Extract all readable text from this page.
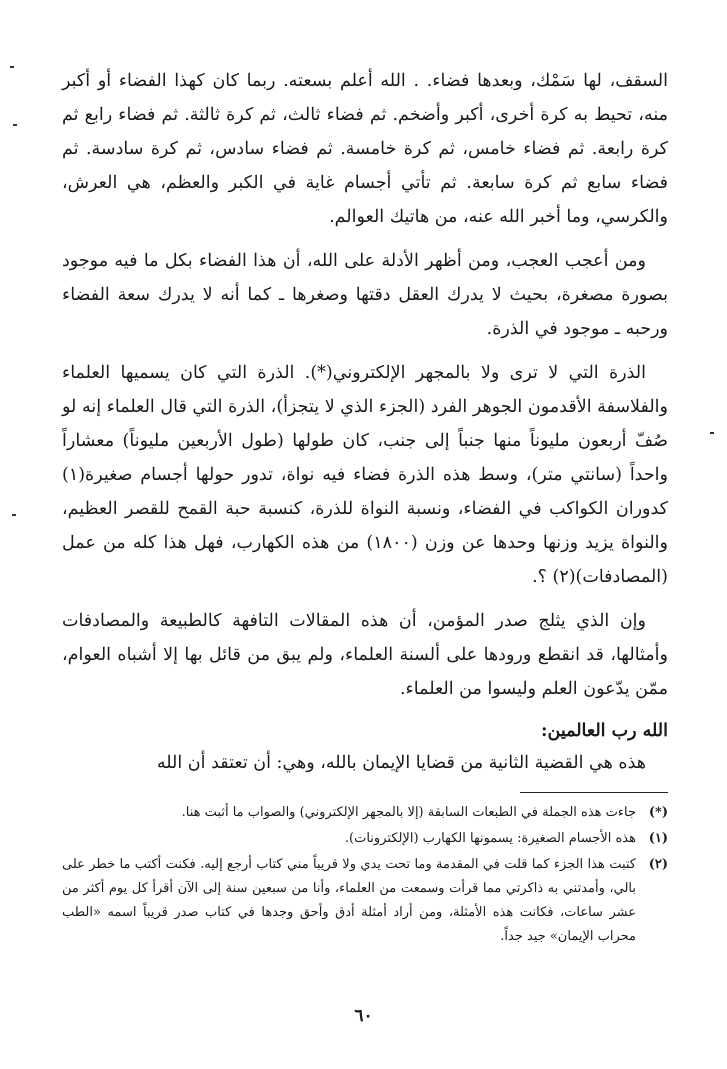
السقف، لها سَمْك، وبعدها فضاء. . الله أعلم بسعته. ربما كان كهذا الفضاء أو أكبر منه، تحيط به كرة أخرى، أكبر وأضخم. ثم فضاء ثالث، ثم كرة ثالثة. ثم فضاء رابع ثم كرة رابعة. ثم فضاء خامس، ثم كرة خامسة. ثم فضاء سادس، ثم كرة سادسة. ثم فضاء سابع ثم كرة سابعة. ثم تأتي أجسام غاية في الكبر والعظم، هي العرش، والكرسي، وما أخبر الله عنه، من هاتيك العوالم.

ومن أعجب العجب، ومن أظهر الأدلة على الله، أن هذا الفضاء بكل ما فيه موجود بصورة مصغرة، بحيث لا يدرك العقل دقتها وصغرها ـ كما أنه لا يدرك سعة الفضاء ورحبه ـ موجود في الذرة.

الذرة التي لا ترى ولا بالمجهر الإلكتروني(*). الذرة التي كان يسميها العلماء والفلاسفة الأقدمون الجوهر الفرد (الجزء الذي لا يتجزأ)، الذرة التي قال العلماء إنه لو صُفّ أربعون مليوناً منها جنباً إلى جنب، كان طولها (طول الأربعين مليوناً) معشاراً واحداً (سانتي متر)، وسط هذه الذرة فضاء فيه نواة، تدور حولها أجسام صغيرة(١) كدوران الكواكب في الفضاء، ونسبة النواة للذرة، كنسبة حبة القمح للقصر العظيم، والنواة يزيد وزنها وحدها عن وزن (١٨٠٠) من هذه الكهارب، فهل هذا كله من عمل (المصادفات)(٢) ؟.

وإن الذي يثلج صدر المؤمن، أن هذه المقالات التافهة كالطبيعة والمصادفات وأمثالها، قد انقطع ورودها على ألسنة العلماء، ولم يبق من قائل بها إلا أشباه العوام، ممّن يدّعون العلم وليسوا من العلماء.

الله رب العالمين:

هذه هي القضية الثانية من قضايا الإيمان بالله، وهي: أن تعتقد أن الله

(*)
جاءت هذه الجملة في الطبعات السابقة (إلا بالمجهر الإلكتروني) والصواب ما أثبت هنا.
(١)
هذه الأجسام الصغيرة: يسمونها الكهارب (الإلكترونات).
(٢)
كتبت هذا الجزء كما قلت في المقدمة وما تحت يدي ولا قريباً مني كتاب أرجع إليه. فكنت أكتب ما خطر على بالي، وأمدتني به ذاكرتي مما قرأت وسمعت من العلماء، وأنا من سبعين سنة إلى الآن أقرأ كل يوم أكثر من عشر ساعات، فكانت هذه الأمثلة، ومن أراد أمثلة أدق وأحق وجدها في كتاب صدر قريباً اسمه «الطب محراب الإيمان» جيد جداً.
٦٠
